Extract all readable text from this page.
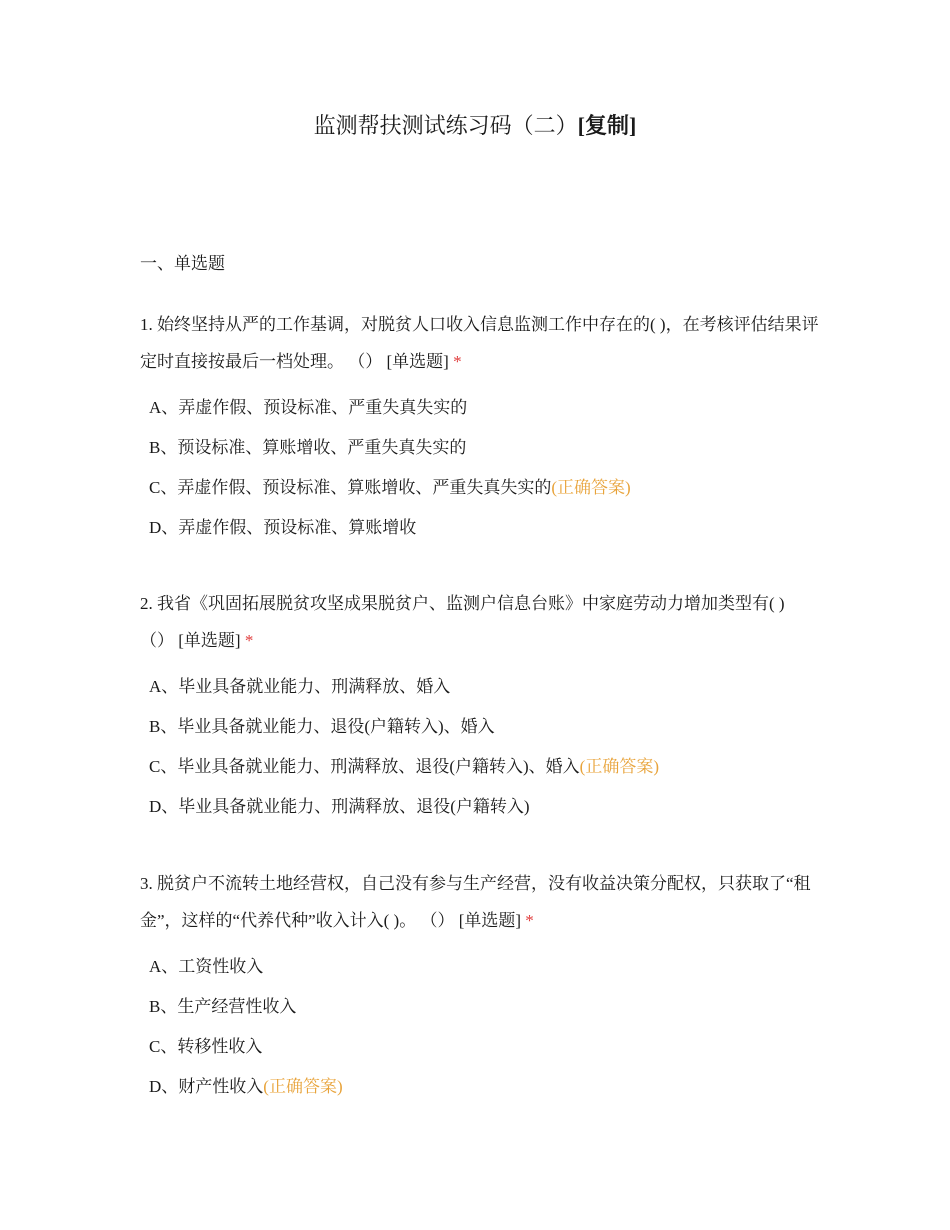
监测帮扶测试练习码（二）[复制]
一、单选题

1. 始终坚持从严的工作基调，对脱贫人口收入信息监测工作中存在的( )，在考核评估结果评定时直接按最后一档处理。 （） [单选题] *

A、弄虚作假、预设标准、严重失真失实的
B、预设标准、算账增收、严重失真失实的
C、弄虚作假、预设标准、算账增收、严重失真失实的(正确答案)
D、弄虚作假、预设标准、算账增收

2. 我省《巩固拓展脱贫攻坚成果脱贫户、监测户信息台账》中家庭劳动力增加类型有( ) （） [单选题] *

A、毕业具备就业能力、刑满释放、婚入
B、毕业具备就业能力、退役(户籍转入)、婚入
C、毕业具备就业能力、刑满释放、退役(户籍转入)、婚入(正确答案)
D、毕业具备就业能力、刑满释放、退役(户籍转入)

3. 脱贫户不流转土地经营权，自己没有参与生产经营，没有收益决策分配权，只获取了“租金”，这样的“代养代种”收入计入( )。 （） [单选题] *

A、工资性收入
B、生产经营性收入
C、转移性收入
D、财产性收入(正确答案)
